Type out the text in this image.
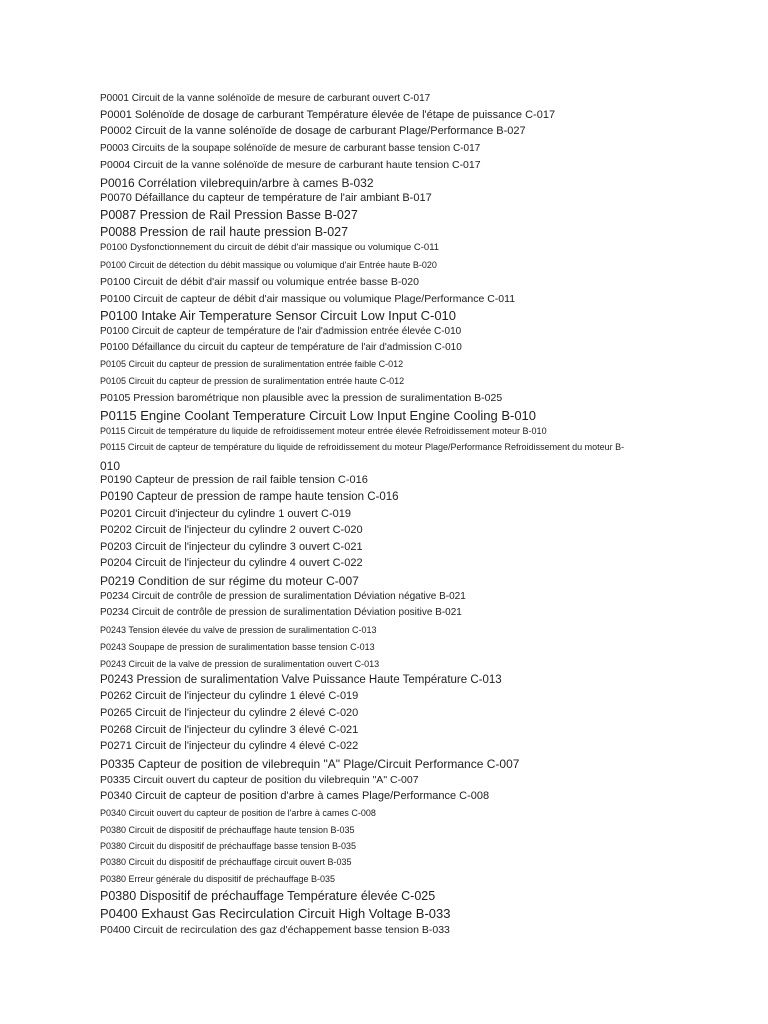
P0001 Circuit de la vanne solénoïde de mesure de carburant ouvert C-017
P0001 Solénoïde de dosage de carburant Température élevée de l'étape de puissance C-017
P0002 Circuit de la vanne solénoïde de dosage de carburant Plage/Performance B-027
P0003 Circuits de la soupape solénoïde de mesure de carburant basse tension C-017
P0004 Circuit de la vanne solénoïde de mesure de carburant haute tension C-017
P0016 Corrélation vilebrequin/arbre à cames B-032
P0070 Défaillance du capteur de température de l'air ambiant B-017
P0087 Pression de Rail Pression Basse B-027
P0088 Pression de rail haute pression B-027
P0100 Dysfonctionnement du circuit de débit d'air massique ou volumique C-011
P0100 Circuit de détection du débit massique ou volumique d'air Entrée haute B-020
P0100 Circuit de débit d'air massif ou volumique entrée basse B-020
P0100 Circuit de capteur de débit d'air massique ou volumique Plage/Performance C-011
P0100 Intake Air Temperature Sensor Circuit Low Input C-010
P0100 Circuit de capteur de température de l'air d'admission entrée élevée C-010
P0100 Défaillance du circuit du capteur de température de l'air d'admission C-010
P0105 Circuit du capteur de pression de suralimentation entrée faible C-012
P0105 Circuit du capteur de pression de suralimentation entrée haute C-012
P0105 Pression barométrique non plausible avec la pression de suralimentation B-025
P0115 Engine Coolant Temperature Circuit Low Input Engine Cooling B-010
P0115 Circuit de température du liquide de refroidissement moteur entrée élevée Refroidissement moteur B-010
P0115 Circuit de capteur de température du liquide de refroidissement du moteur Plage/Performance Refroidissement du moteur B-
010
P0190 Capteur de pression de rail faible tension C-016
P0190 Capteur de pression de rampe haute tension C-016
P0201 Circuit d'injecteur du cylindre 1 ouvert C-019
P0202 Circuit de l'injecteur du cylindre 2 ouvert C-020
P0203 Circuit de l'injecteur du cylindre 3 ouvert C-021
P0204 Circuit de l'injecteur du cylindre 4 ouvert C-022
P0219 Condition de sur régime du moteur C-007
P0234 Circuit de contrôle de pression de suralimentation Déviation négative B-021
P0234 Circuit de contrôle de pression de suralimentation Déviation positive B-021
P0243 Tension élevée du valve de pression de suralimentation C-013
P0243 Soupape de pression de suralimentation basse tension C-013
P0243 Circuit de la valve de pression de suralimentation ouvert C-013
P0243 Pression de suralimentation Valve Puissance Haute Température C-013
P0262 Circuit de l'injecteur du cylindre 1 élevé C-019
P0265 Circuit de l'injecteur du cylindre 2 élevé C-020
P0268 Circuit de l'injecteur du cylindre 3 élevé C-021
P0271 Circuit de l'injecteur du cylindre 4 élevé C-022
P0335 Capteur de position de vilebrequin "A" Plage/Circuit Performance C-007
P0335 Circuit ouvert du capteur de position du vilebrequin "A" C-007
P0340 Circuit de capteur de position d'arbre à cames Plage/Performance C-008
P0340 Circuit ouvert du capteur de position de l'arbre à cames C-008
P0380 Circuit de dispositif de préchauffage haute tension B-035
P0380 Circuit du dispositif de préchauffage basse tension B-035
P0380 Circuit du dispositif de préchauffage circuit ouvert B-035
P0380 Erreur générale du dispositif de préchauffage B-035
P0380 Dispositif de préchauffage Température élevée C-025
P0400 Exhaust Gas Recirculation Circuit High Voltage B-033
P0400 Circuit de recirculation des gaz d'échappement basse tension B-033
